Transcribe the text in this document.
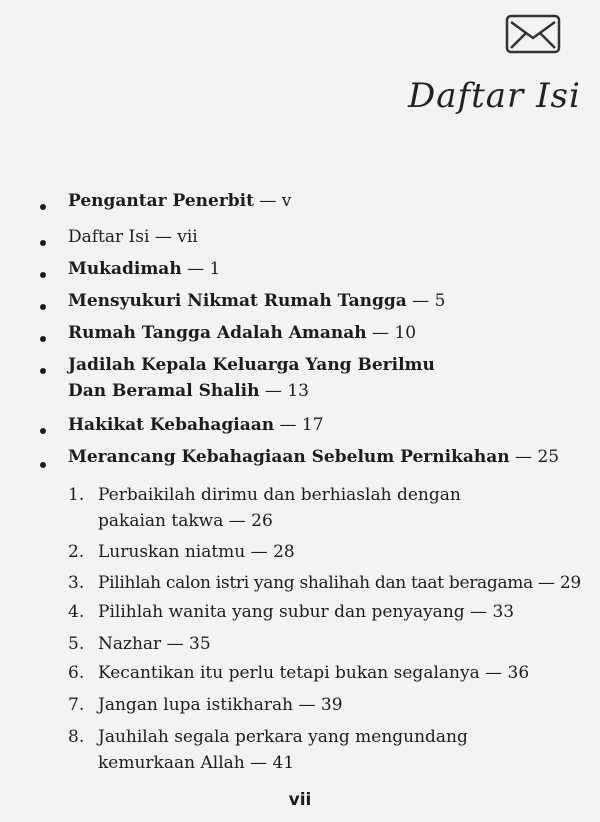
Daftar Isi
Pengantar Penerbit — v
Daftar Isi — vii
Mukadimah — 1
Mensyukuri Nikmat Rumah Tangga — 5
Rumah Tangga Adalah Amanah — 10
Jadilah Kepala Keluarga Yang Berilmu
Dan Beramal Shalih — 13
Hakikat Kebahagiaan — 17
Merancang Kebahagiaan Sebelum Pernikahan — 25
1. Perbaikilah dirimu dan berhiaslah dengan
pakaian takwa — 26
2. Luruskan niatmu — 28
3. Pilihlah calon istri yang shalihah dan taat beragama — 29
4. Pilihlah wanita yang subur dan penyayang — 33
5. Nazhar — 35
6. Kecantikan itu perlu tetapi bukan segalanya — 36
7. Jangan lupa istikharah — 39
8. Jauhilah segala perkara yang mengundang
kemurkaan Allah — 41
vii
